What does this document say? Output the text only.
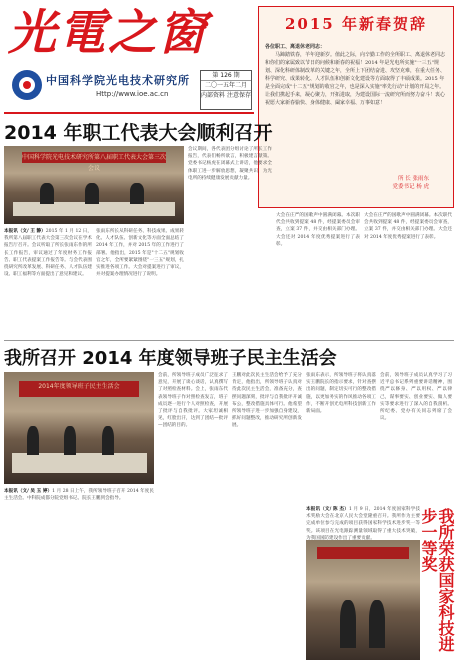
光電之窗
中国科学院光电技术研究所
Http://www.ioe.ac.cn
第 126 期
二〇一五年二月
内部资料 注意保存
2015 年新春贺辞
各位职工、离退休老同志：
马蹄踏铁春，羊年迎新岁。值此之际，向辛勤工作的全所职工、离退休老同志和你们的家属致以节日的问候和新春的祝福！2014 年是光电所实施"一三五"规划、深化科研体制改革的关键之年，全所上下团结奋进、攻坚克难，在重大任务、科学研究、成果转化、人才队伍和创新文化建设等方面取得了丰硕成果。2015 年是全面完成"十二五"规划的收官之年，也是深入实施"率先行动"计划的开局之年。让我们携起手来，凝心聚力，开拓进取，为建设国际一流研究所而努力奋斗！衷心祝愿大家新春愉快、身体健康、阖家幸福、万事如意！
所 长 张雨东
党委书记 杨 虎
2014 年职工代表大会顺利召开
中国科学院光电技术研究所第八届职工代表大会第三次会议
本报讯（文/ 王 静）2015 年 1 月 12 日，我所第八届职工代表大会第三次会议在学术报告厅召开。会议听取了所长张雨东作的所长工作报告，审议通过了年度财务工作报告、职工代表提案工作报告等。与会代表围绕研究所改革发展、科研任务、人才队伍建设、职工福利等方面提出了意见和建议。
张雨东所长从科研任务、科技成果、成果转化、人才队伍、创新文化等方面全面总结了 2014 年工作，并对 2015 年的工作进行了部署。他指出，2015 年是"十二五"规划收官之年，全所要紧紧围绕"一三五"规划，扎实推进各项工作。大会对提案进行了审议，并对提案办理情况进行了说明。
会议期间，各代表团分组讨论了所长工作报告，代表们畅所欲言，积极建言献策。党委书记杨虎在闭幕式上讲话，他要求全体职工进一步解放思想，凝聚共识，为光电所的持续健康发展贡献力量。
大会在庄严的国歌声中圆满闭幕。本次职代会共收到提案 48 件，经提案委员会审查，立案 37 件，并交由相关部门办理。大会还对 2014 年度优秀提案进行了表彰。
大会在庄严的国歌声中圆满闭幕。本次职代会共收到提案 48 件，经提案委员会审查，立案 37 件，并交由相关部门办理。大会还对 2014 年度优秀提案进行了表彰。
我所召开 2014 年度领导班子民主生活会
2014年度领导班子民主生活会
会前，所领导班子成员广泛征求了意见，开展了谈心谈话，认真撰写了对照检查材料。会上，张雨东代表领导班子作对照检查发言，班子成员逐一进行个人对照检查，开展了批评与自我批评。大家坦诚相见，红脸出汗，达到了团结—批评—团结的目的。
王鹏对此次民主生活会给予了充分肯定，他指出，所领导班子认真对待此次民主生活会，准备充分，查摆问题深刻，批评与自我批评开诚布公，整改措施具体可行。他希望所领导班子进一步加强自身建设，抓好问题整改，推动研究所创新发展。
张雨东表示，所领导班子将认真落实王鹏院长的指示要求，针对查摆出的问题，制定切实可行的整改措施，以更加务实的作风推动各项工作，不断开创光电所科技创新工作新局面。
会前，领导班子成员认真学习了习近平总书记系列重要讲话精神，围绕严以修身、严以用权、严以律己，谋事要实、创业要实、做人要实等要求进行了深入的自我剖析。所纪委、党办有关同志列席了会议。
本报讯（文/ 吴 玉 婷）1 月 28 日上午，我所领导班子召开 2014 年度民主生活会。中科院成都分院党组书记、院长王鹏到会指导。
本报讯（文/ 陈 杰）1 月 9 日，2014 年度国家科学技术奖励大会在北京人民大会堂隆重召开。我所作为主要完成单位参与完成的项目获得国家科学技术进步奖一等奖。该项目在光电跟踪测量领域取得了重大技术突破，为我国国防建设作出了重要贡献。	我所荣获国家科技进步一等奖
